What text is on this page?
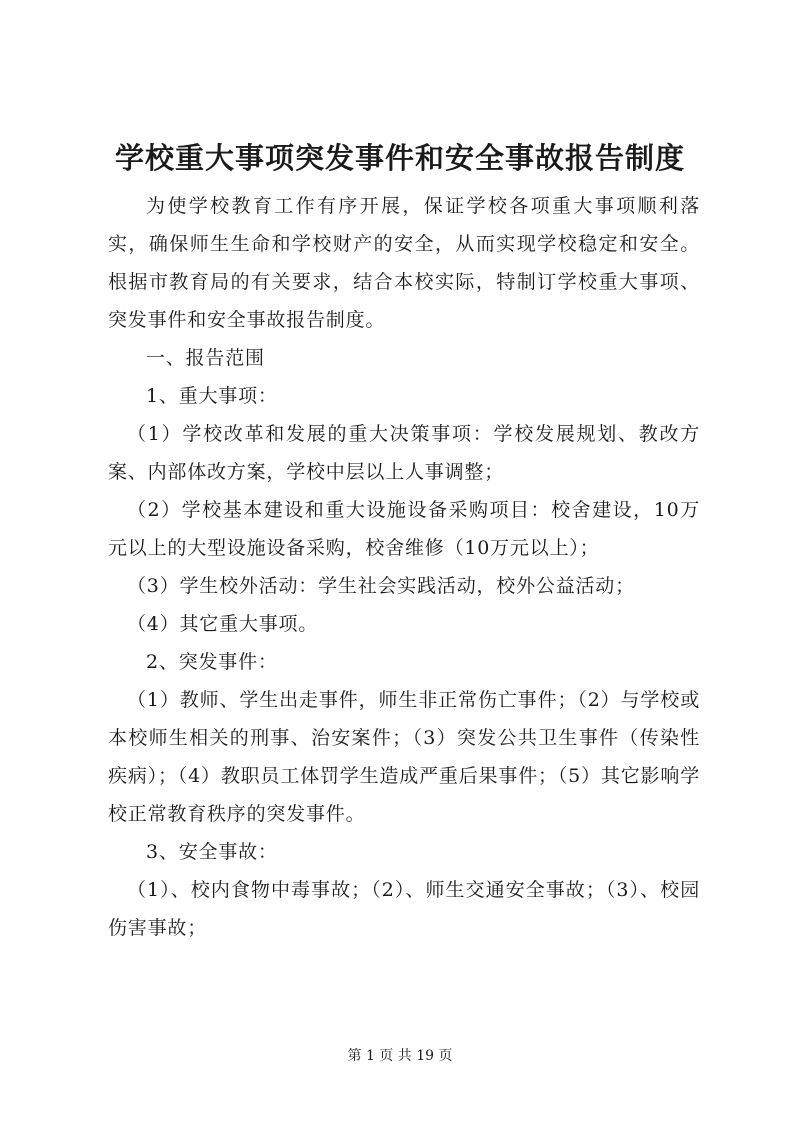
学校重大事项突发事件和安全事故报告制度

为使学校教育工作有序开展，保证学校各项重大事项顺利落实，确保师生生命和学校财产的安全，从而实现学校稳定和安全。根据市教育局的有关要求，结合本校实际，特制订学校重大事项、突发事件和安全事故报告制度。

一、报告范围

1、重大事项：

（1）学校改革和发展的重大决策事项：学校发展规划、教改方案、内部体改方案，学校中层以上人事调整；

（2）学校基本建设和重大设施设备采购项目：校舍建设，10万元以上的大型设施设备采购，校舍维修（10万元以上）；

（3）学生校外活动：学生社会实践活动，校外公益活动；

（4）其它重大事项。

2、突发事件：

（1）教师、学生出走事件，师生非正常伤亡事件；（2）与学校或本校师生相关的刑事、治安案件；（3）突发公共卫生事件（传染性疾病）；（4）教职员工体罚学生造成严重后果事件；（5）其它影响学校正常教育秩序的突发事件。

3、安全事故：

（1）、校内食物中毒事故；（2）、师生交通安全事故；（3）、校园伤害事故；

第 1 页 共 19 页
